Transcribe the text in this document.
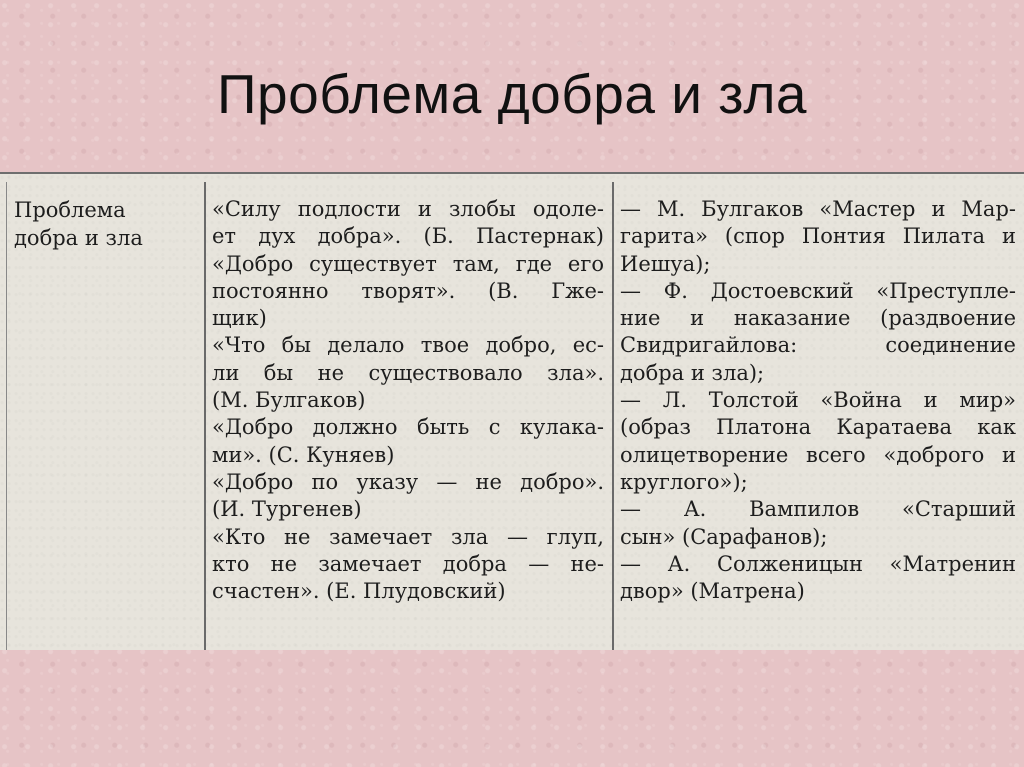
Проблема добра и зла
Проблема
добра и зла
«Силу подлости и злобы одоле-
ет дух добра». (Б. Пастернак)
«Добро существует там, где его
постоянно творят». (В. Гже-
щик)
«Что бы делало твое добро, ес-
ли бы не существовало зла».
(М. Булгаков)
«Добро должно быть с кулака-
ми». (С. Куняев)
«Добро по указу — не добро».
(И. Тургенев)
«Кто не замечает зла — глуп,
кто не замечает добра — не-
счастен». (Е. Плудовский)
— М. Булгаков «Мастер и Мар-
гарита» (спор Понтия Пилата и
Иешуа);
— Ф. Достоевский «Преступле-
ние и наказание (раздвоение
Свидригайлова: соединение
добра и зла);
— Л. Толстой «Война и мир»
(образ Платона Каратаева как
олицетворение всего «доброго и
круглого»);
— А. Вампилов «Старший
сын» (Сарафанов);
— А. Солженицын «Матренин
двор» (Матрена)
